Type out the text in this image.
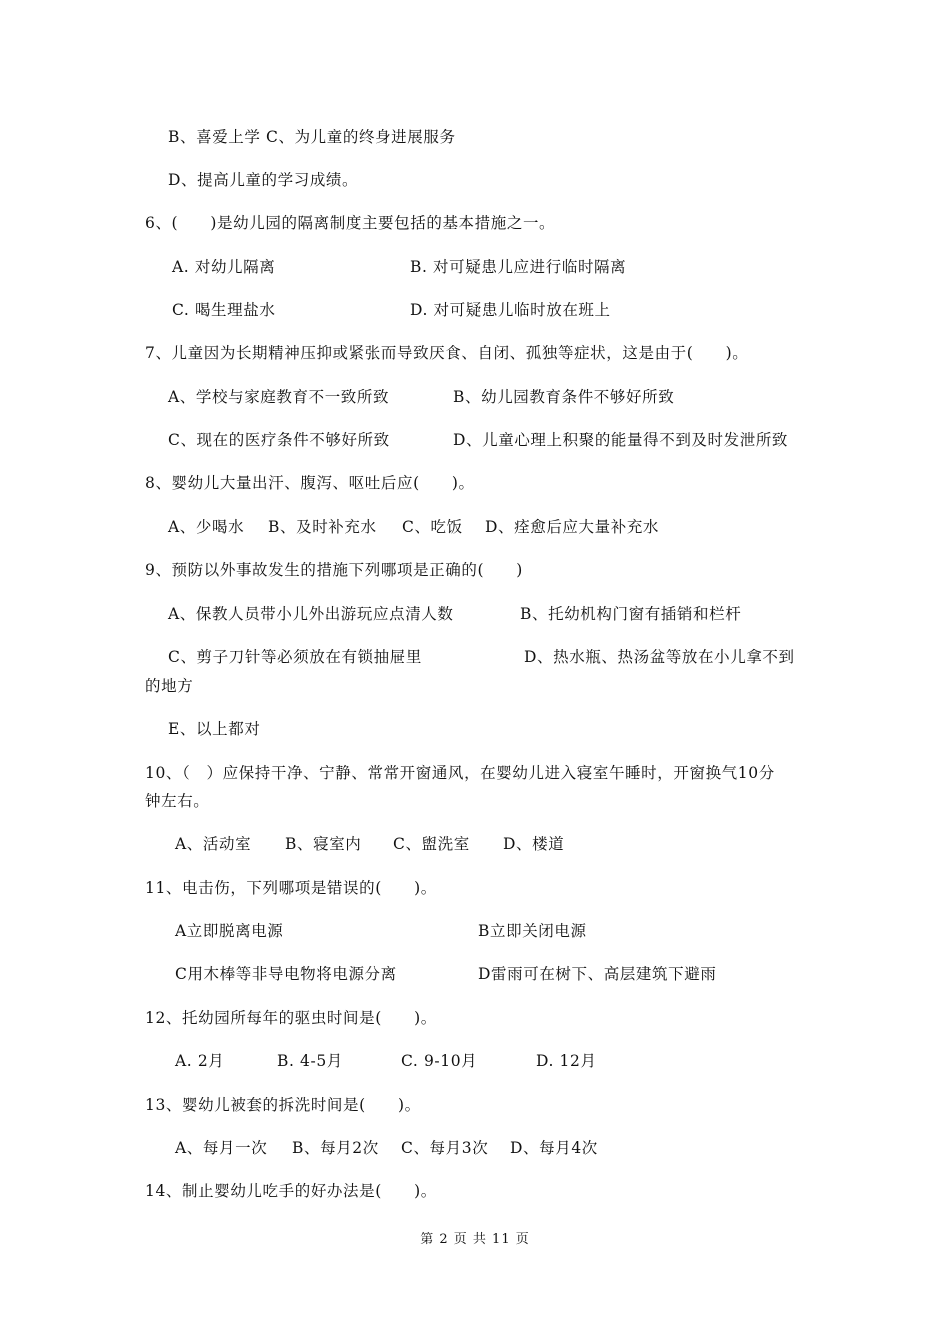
B、喜爱上学 C、为儿童的终身进展服务
D、提高儿童的学习成绩。
6、(　　)是幼儿园的隔离制度主要包括的基本措施之一。
A. 对幼儿隔离	B. 对可疑患儿应进行临时隔离
C. 喝生理盐水	D. 对可疑患儿临时放在班上
7、儿童因为长期精神压抑或紧张而导致厌食、自闭、孤独等症状，这是由于(　　)。
A、学校与家庭教育不一致所致	B、幼儿园教育条件不够好所致
C、现在的医疗条件不够好所致	D、儿童心理上积聚的能量得不到及时发泄所致
8、婴幼儿大量出汗、腹泻、呕吐后应(　　)。
A、少喝水 B、及时补充水 C、吃饭 D、痊愈后应大量补充水
9、预防以外事故发生的措施下列哪项是正确的(　　)
A、保教人员带小儿外出游玩应点清人数	B、托幼机构门窗有插销和栏杆
C、剪子刀针等必须放在有锁抽屉里	D、热水瓶、热汤盆等放在小儿拿不到
的地方
E、以上都对
10、（　）应保持干净、宁静、常常开窗通风，在婴幼儿进入寝室午睡时，开窗换气10分
钟左右。
A、活动室 B、寝室内 C、盥洗室 D、楼道
11、电击伤，下列哪项是错误的(　　)。
A立即脱离电源	B立即关闭电源
C用木棒等非导电物将电源分离	D雷雨可在树下、高层建筑下避雨
12、托幼园所每年的驱虫时间是(　　)。
A. 2月	B. 4-5月	C. 9-10月	D. 12月
13、婴幼儿被套的拆洗时间是(　　)。
A、每月一次 B、每月2次 C、每月3次 D、每月4次
14、制止婴幼儿吃手的好办法是(　　)。
第 2 页 共 11 页
